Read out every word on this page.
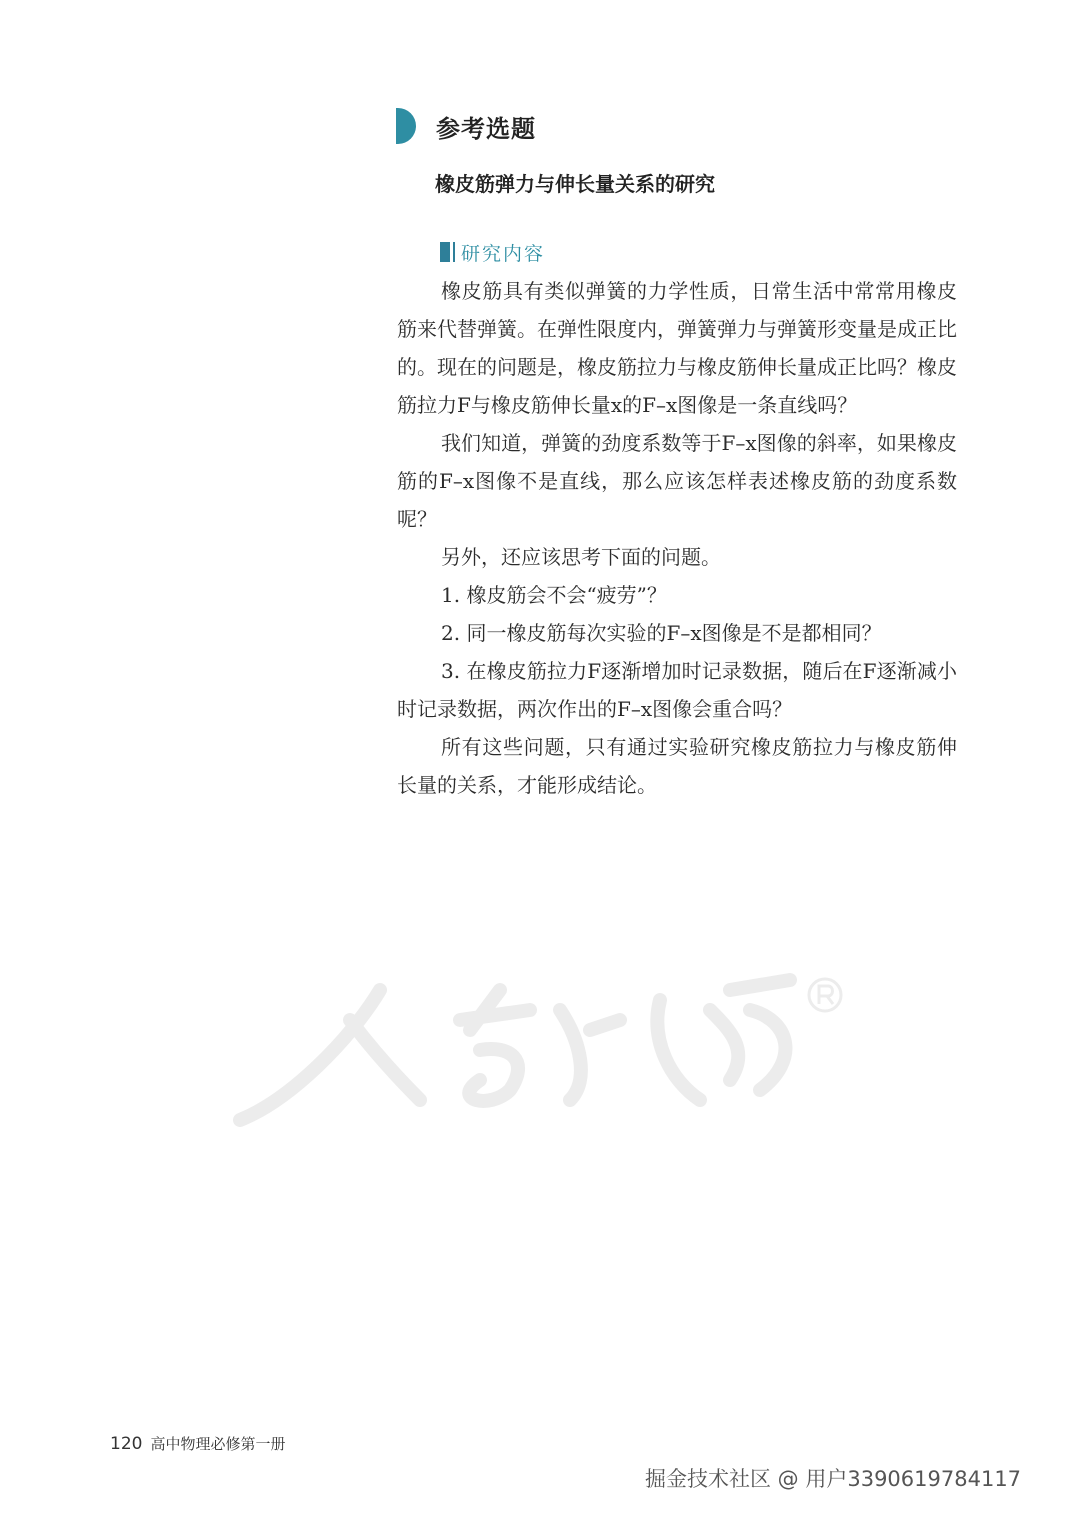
参考选题
橡皮筋弹力与伸长量关系的研究
研究内容

橡皮筋具有类似弹簧的力学性质，日常生活中常常用橡皮筋来代替弹簧。在弹性限度内，弹簧弹力与弹簧形变量是成正比的。现在的问题是，橡皮筋拉力与橡皮筋伸长量成正比吗？橡皮筋拉力F与橡皮筋伸长量x的F–x图像是一条直线吗？

我们知道，弹簧的劲度系数等于F–x图像的斜率，如果橡皮筋的F–x图像不是直线，那么应该怎样表述橡皮筋的劲度系数呢？

另外，还应该思考下面的问题。

1. 橡皮筋会不会“疲劳”？

2. 同一橡皮筋每次实验的F–x图像是不是都相同？

3. 在橡皮筋拉力F逐渐增加时记录数据，随后在F逐渐减小时记录数据，两次作出的F–x图像会重合吗？

所有这些问题，只有通过实验研究橡皮筋拉力与橡皮筋伸长量的关系，才能形成结论。

120 高中物理必修第一册
掘金技术社区 @ 用户3390619784117
